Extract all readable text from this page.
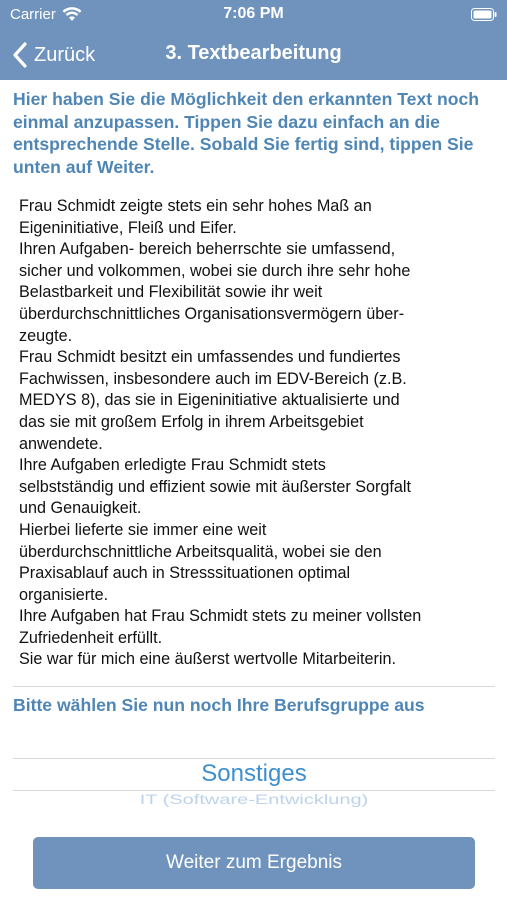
Carrier	7:06 PM
Zurück	3. Textbearbeitung

Hier haben Sie die Möglichkeit den erkannten Text noch einmal anzupassen. Tippen Sie dazu einfach an die entsprechende Stelle. Sobald Sie fertig sind, tippen Sie unten auf Weiter.

Frau Schmidt zeigte stets ein sehr hohes Maß an
Eigeninitiative, Fleiß und Eifer.
Ihren Aufgaben- bereich beherrschte sie umfassend,
sicher und volkommen, wobei sie durch ihre sehr hohe
Belastbarkeit und Flexibilität sowie ihr weit
überdurchschnittliches Organisationsvermögern über-
zeugte.
Frau Schmidt besitzt ein umfassendes und fundiertes
Fachwissen, insbesondere auch im EDV-Bereich (z.B.
MEDYS 8), das sie in Eigeninitiative aktualisierte und
das sie mit großem Erfolg in ihrem Arbeitsgebiet
anwendete.
Ihre Aufgaben erledigte Frau Schmidt stets
selbstständig und effizient sowie mit äußerster Sorgfalt
und Genauigkeit.
Hierbei lieferte sie immer eine weit
überdurchschnittliche Arbeitsqualitä, wobei sie den
Praxisablauf auch in Stresssituationen optimal
organisierte.
Ihre Aufgaben hat Frau Schmidt stets zu meiner vollsten
Zufriedenheit erfüllt.
Sie war für mich eine äußerst wertvolle Mitarbeiterin.

Bitte wählen Sie nun noch Ihre Berufsgruppe aus

Sonstiges
IT (Software-Entwicklung)
Weiter zum Ergebnis
